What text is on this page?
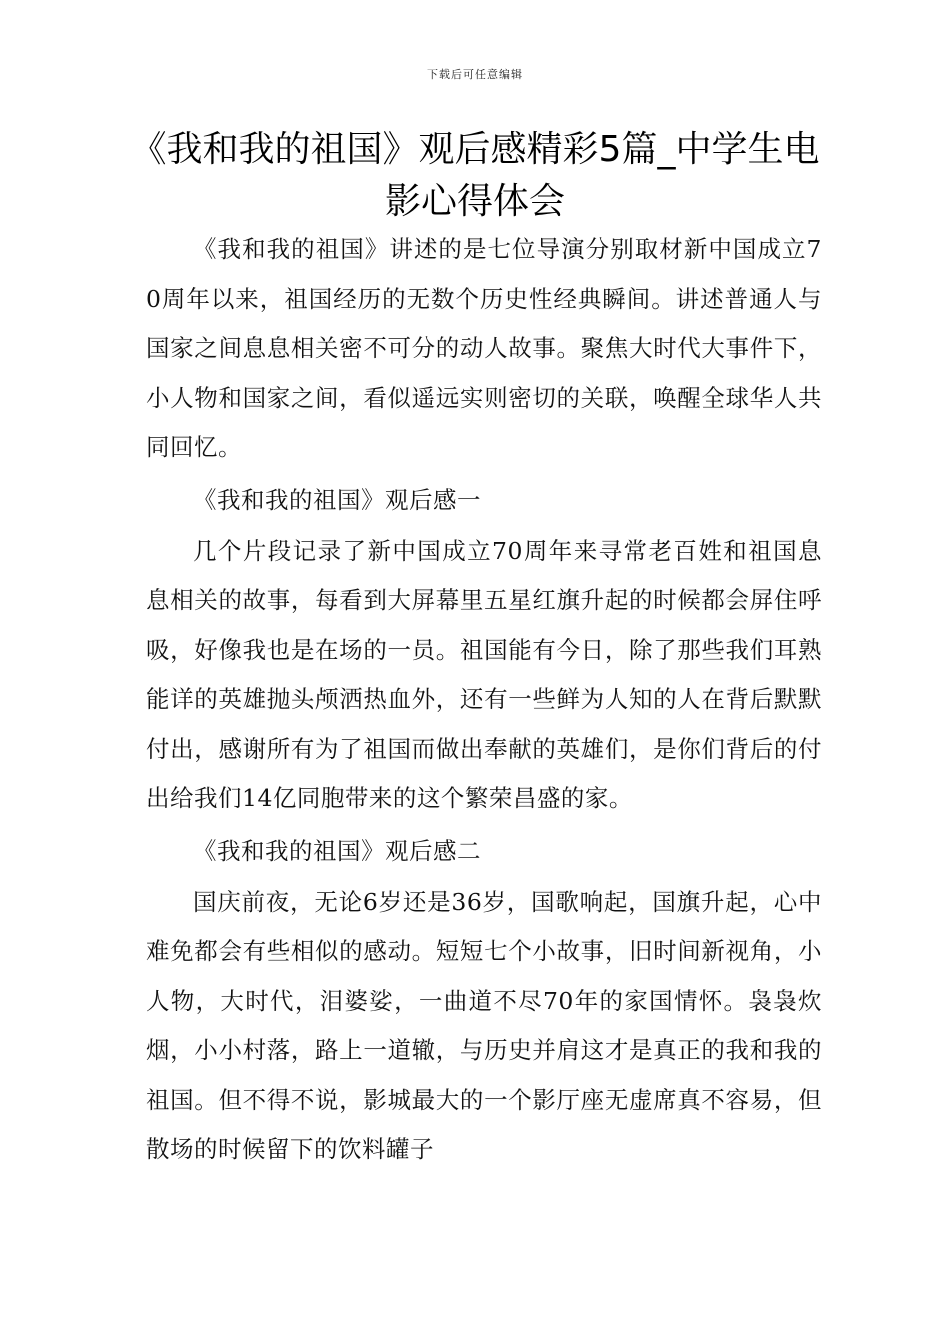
下载后可任意编辑
《我和我的祖国》观后感精彩5篇_中学生电影心得体会

《我和我的祖国》讲述的是七位导演分别取材新中国成立70周年以来，祖国经历的无数个历史性经典瞬间。讲述普通人与国家之间息息相关密不可分的动人故事。聚焦大时代大事件下，小人物和国家之间，看似遥远实则密切的关联，唤醒全球华人共同回忆。

《我和我的祖国》观后感一

几个片段记录了新中国成立70周年来寻常老百姓和祖国息息相关的故事，每看到大屏幕里五星红旗升起的时候都会屏住呼吸，好像我也是在场的一员。祖国能有今日，除了那些我们耳熟能详的英雄抛头颅洒热血外，还有一些鲜为人知的人在背后默默付出，感谢所有为了祖国而做出奉献的英雄们，是你们背后的付出给我们14亿同胞带来的这个繁荣昌盛的家。

《我和我的祖国》观后感二

国庆前夜，无论6岁还是36岁，国歌响起，国旗升起，心中难免都会有些相似的感动。短短七个小故事，旧时间新视角，小人物，大时代，泪婆娑，一曲道不尽70年的家国情怀。袅袅炊烟，小小村落，路上一道辙，与历史并肩这才是真正的我和我的祖国。但不得不说，影城最大的一个影厅座无虚席真不容易，但散场的时候留下的饮料罐子
